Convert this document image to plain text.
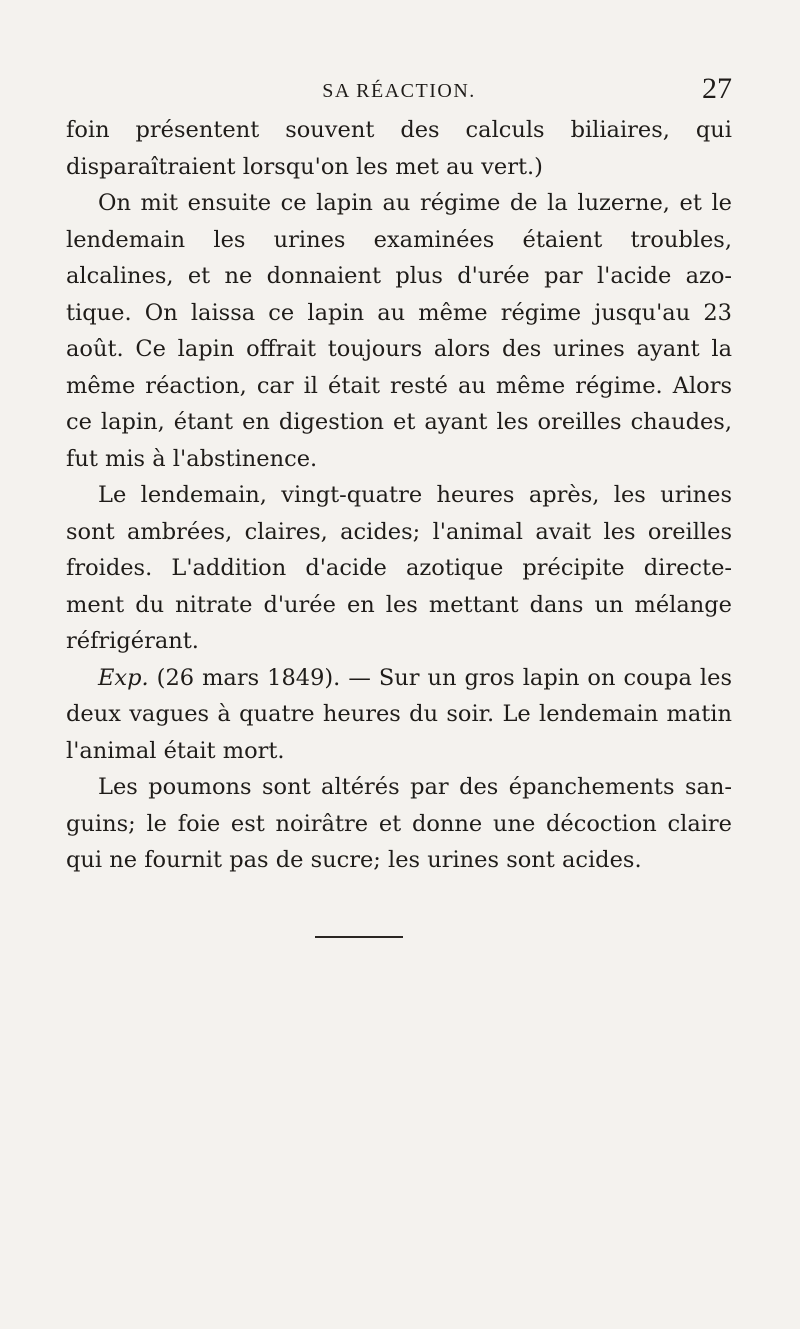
SA RÉACTION.	27

foin présentent souvent des calculs biliaires, qui disparaîtraient lorsqu'on les met au vert.)

On mit ensuite ce lapin au régime de la luzerne, et le lendemain les urines examinées étaient troubles, alcalines, et ne donnaient plus d'urée par l'acide azo- tique. On laissa ce lapin au même régime jusqu'au 23 août. Ce lapin offrait toujours alors des urines ayant la même réaction, car il était resté au même régime. Alors ce lapin, étant en digestion et ayant les oreilles chaudes, fut mis à l'abstinence.

Le lendemain, vingt-quatre heures après, les urines sont ambrées, claires, acides; l'animal avait les oreilles froides. L'addition d'acide azotique précipite directe- ment du nitrate d'urée en les mettant dans un mélange réfrigérant.

Exp. (26 mars 1849). — Sur un gros lapin on coupa les deux vagues à quatre heures du soir. Le lendemain matin l'animal était mort.

Les poumons sont altérés par des épanchements san- guins; le foie est noirâtre et donne une décoction claire qui ne fournit pas de sucre; les urines sont acides.
